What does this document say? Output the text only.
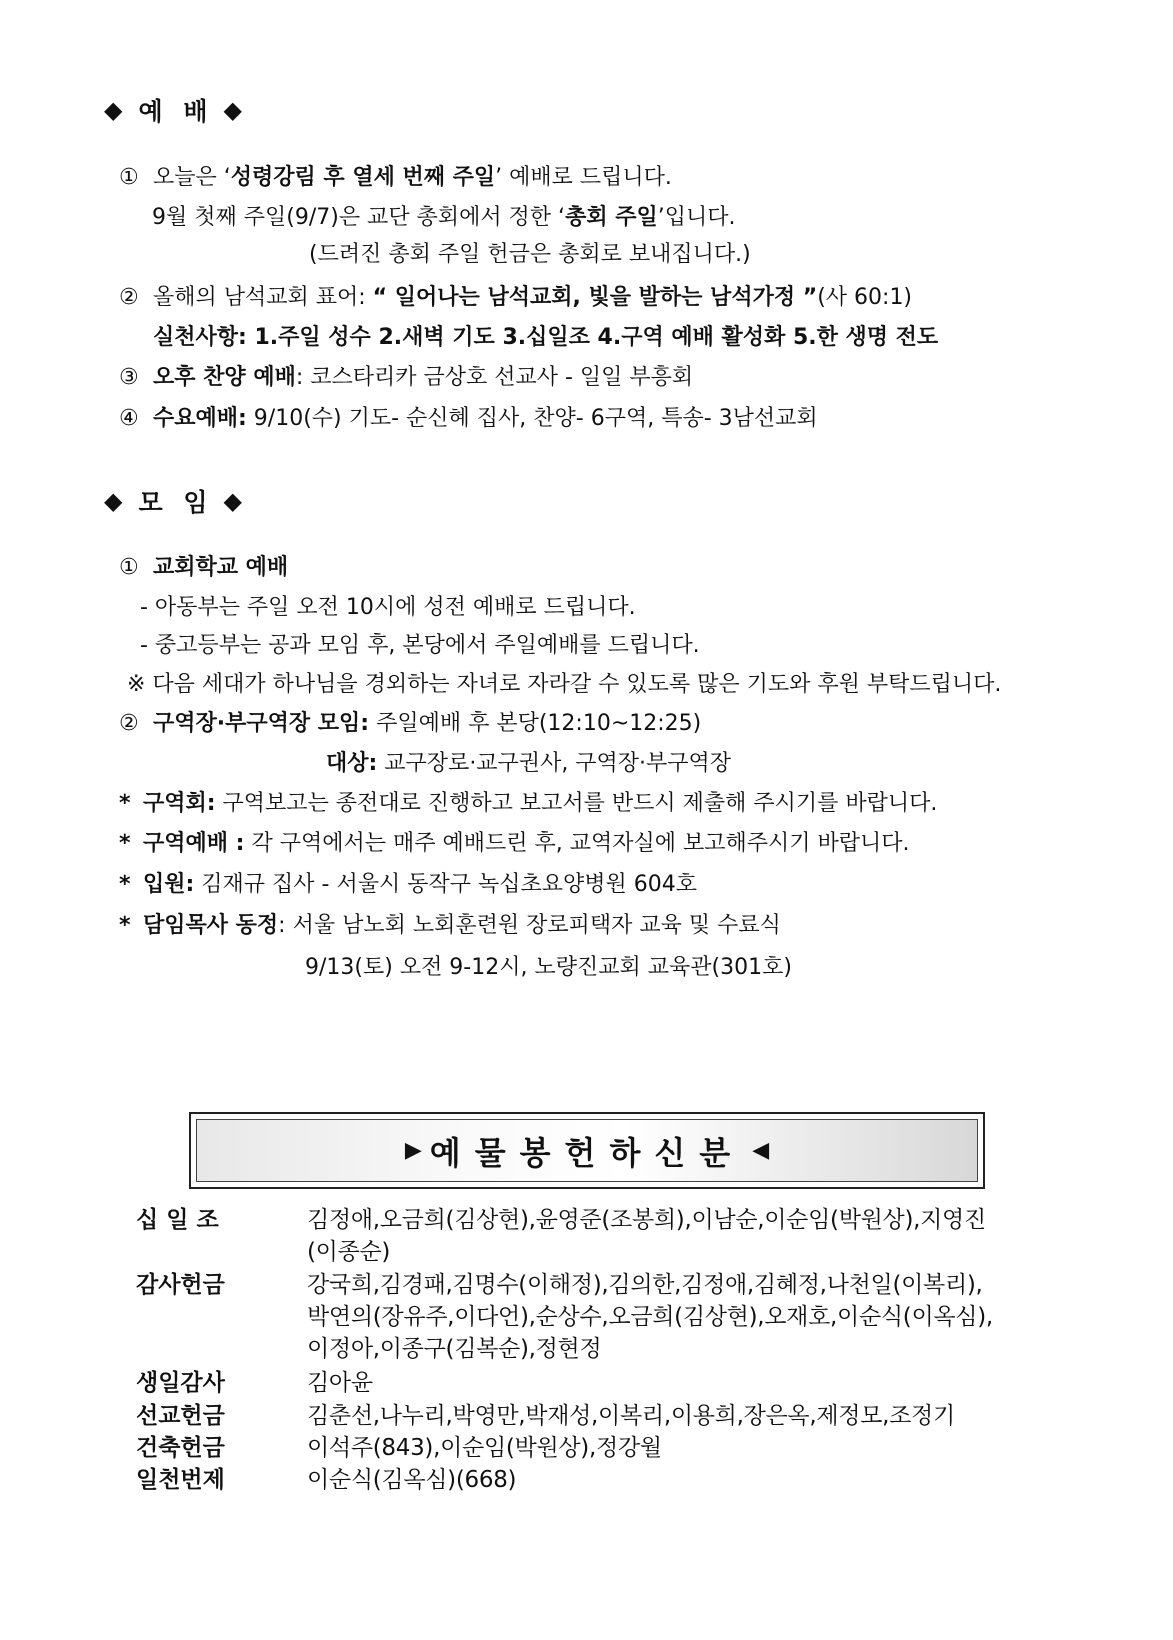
◆ 예 배 ◆
① 오늘은 ‘성령강림 후 열세 번째 주일’ 예배로 드립니다.
9월 첫째 주일(9/7)은 교단 총회에서 정한 ‘총회 주일’입니다.
(드려진 총회 주일 헌금은 총회로 보내집니다.)
② 올해의 남석교회 표어: “ 일어나는 남석교회, 빛을 발하는 남석가정 ”(사 60:1)
실천사항: 1.주일 성수 2.새벽 기도 3.십일조 4.구역 예배 활성화 5.한 생명 전도
③ 오후 찬양 예배: 코스타리카 금상호 선교사 - 일일 부흥회
④ 수요예배: 9/10(수) 기도- 순신혜 집사, 찬양- 6구역, 특송- 3남선교회
◆ 모 임 ◆
① 교회학교 예배
- 아동부는 주일 오전 10시에 성전 예배로 드립니다.
- 중고등부는 공과 모임 후, 본당에서 주일예배를 드립니다.
※ 다음 세대가 하나님을 경외하는 자녀로 자라갈 수 있도록 많은 기도와 후원 부탁드립니다.
② 구역장·부구역장 모임: 주일예배 후 본당(12:10~12:25)
대상: 교구장로·교구권사, 구역장·부구역장
* 구역회: 구역보고는 종전대로 진행하고 보고서를 반드시 제출해 주시기를 바랍니다.
* 구역예배 : 각 구역에서는 매주 예배드린 후, 교역자실에 보고해주시기 바랍니다.
* 입원: 김재규 집사 - 서울시 동작구 녹십초요양병원 604호
* 담임목사 동정: 서울 남노회 노회훈련원 장로피택자 교육 및 수료식
9/13(토) 오전 9-12시, 노량진교회 교육관(301호)
▶ 예물봉헌하신분 ◀
십 일 조	김정애,오금희(김상현),윤영준(조봉희),이남순,이순임(박원상),지영진
(이종순)
감사헌금	강국희,김경패,김명수(이해정),김의한,김정애,김혜정,나천일(이복리),
박연의(장유주,이다언),순상수,오금희(김상현),오재호,이순식(이옥심),
이정아,이종구(김복순),정현정
생일감사	김아윤
선교헌금	김춘선,나누리,박영만,박재성,이복리,이용희,장은옥,제정모,조정기
건축헌금	이석주(843),이순임(박원상),정강월
일천번제	이순식(김옥심)(668)
